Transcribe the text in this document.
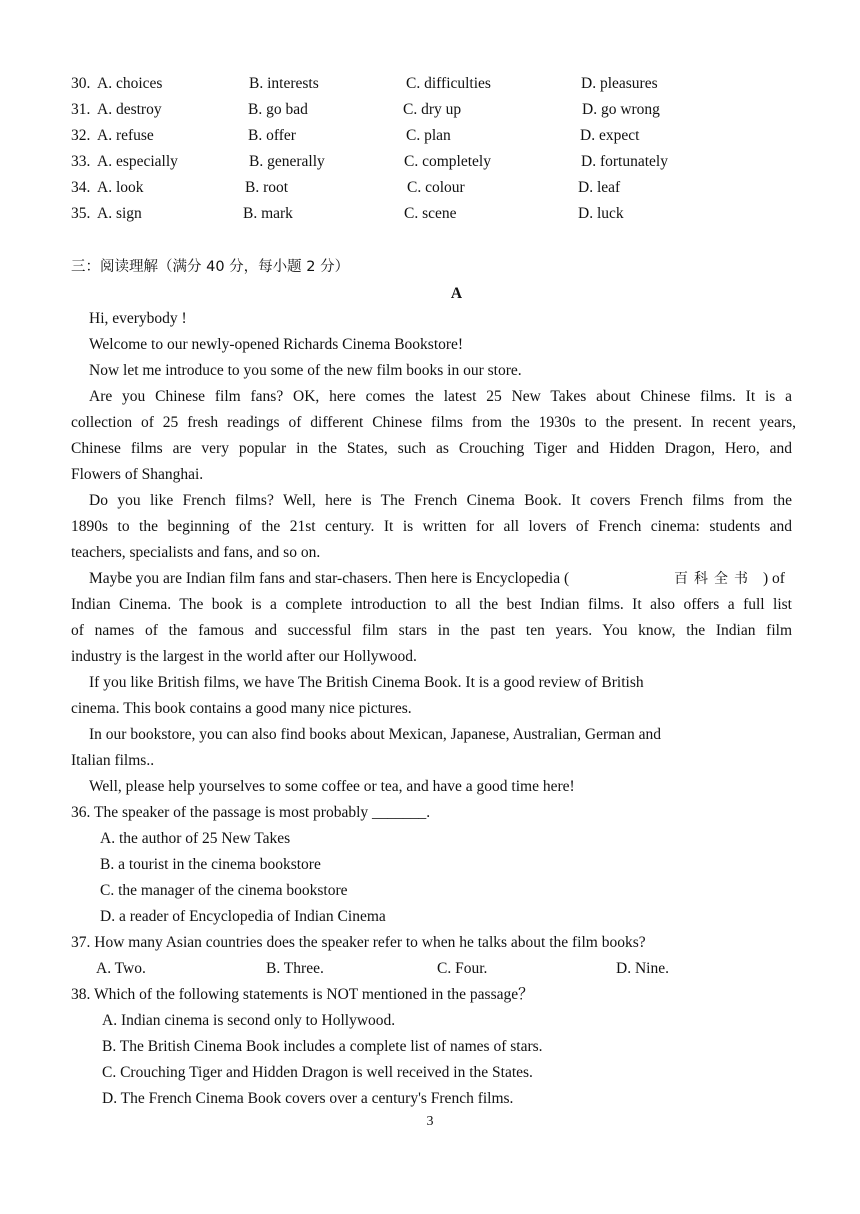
30. A. choices	B. interests	C. difficulties	D. pleasures
31. A. destroy	B. go bad	C. dry up	D. go wrong
32. A. refuse	B. offer	C. plan	D. expect
33. A. especially	B. generally	C. completely	D. fortunately
34. A. look	B. root	C. colour	D. leaf
35. A. sign	B. mark	C. scene	D. luck
三：阅读理解（满分 40 分，每小题 2 分）
A
Hi, everybody !
Welcome to our newly-opened Richards Cinema Bookstore!
Now let me introduce to you some of the new film books in our store.
Are you Chinese film fans? OK, here comes the latest 25 New Takes about Chinese films. It is a
collection of 25 fresh readings of different Chinese films from the 1930s to the present. In recent years,
Chinese films are very popular in the States, such as Crouching Tiger and Hidden Dragon, Hero, and
Flowers of Shanghai.
Do you like French films? Well, here is The French Cinema Book. It covers French films from the
1890s to the beginning of the 21st century. It is written for all lovers of French cinema: students and
teachers, specialists and fans, and so on.
Maybe you are Indian film fans and star-chasers. Then here is Encyclopedia (	百科全书 ) of
Indian Cinema. The book is a complete introduction to all the best Indian films. It also offers a full list
of names of the famous and successful film stars in the past ten years. You know, the Indian film
industry is the largest in the world after our Hollywood.
If you like British films, we have The British Cinema Book. It is a good review of British
cinema. This book contains a good many nice pictures.
In our bookstore, you can also find books about Mexican, Japanese, Australian, German and
Italian films..
Well, please help yourselves to some coffee or tea, and have a good time here!
36. The speaker of the passage is most probably _______.
A. the author of 25 New Takes
B. a tourist in the cinema bookstore
C. the manager of the cinema bookstore
D. a reader of Encyclopedia of Indian Cinema
37. How many Asian countries does the speaker refer to when he talks about the film books?
A. Two.	B. Three.	C. Four.	D. Nine.
38. Which of the following statements is NOT mentioned in the passage？
A. Indian cinema is second only to Hollywood.
B. The British Cinema Book includes a complete list of names of stars.
C. Crouching Tiger and Hidden Dragon is well received in the States.
D. The French Cinema Book covers over a century's French films.
3
